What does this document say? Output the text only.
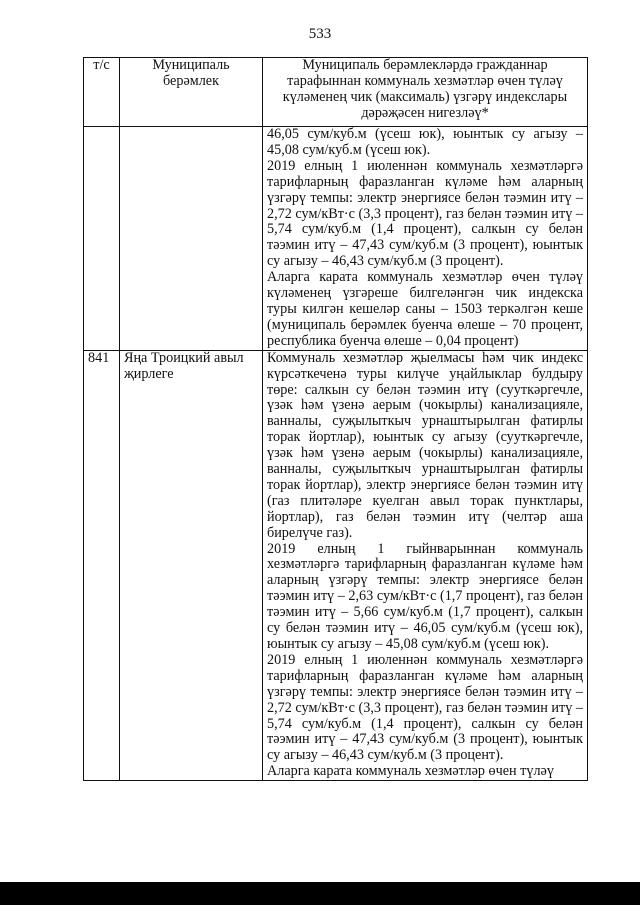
533
т/с	Муниципаль берәмлек	Муниципаль берәмлекләрдә гражданнар тарафыннан коммуналь хезмәтләр өчен түләү күләменең чик (максималь) үзгәрү индекслары дәрәҗәсен нигезләү*

		46,05 сум/куб.м (үсеш юк), юынтык су агызу – 45,08 сум/куб.м (үсеш юк).

2019 елның 1 июленнән коммуналь хезмәтләргә тарифларның фаразланган күләме һәм аларның үзгәрү темпы: электр энергиясе белән тәэмин итү – 2,72 сум/кВт·с (3,3 процент), газ белән тәэмин итү – 5,74 сум/куб.м (1,4 процент), салкын су белән тәэмин итү – 47,43 сум/куб.м (3 процент), юынтык су агызу – 46,43 сум/куб.м (3 процент).

Аларга карата коммуналь хезмәтләр өчен түләү күләменең үзгәреше билгеләнгән чик индекска туры килгән кешеләр саны – 1503 теркәлгән кеше (муниципаль берәмлек буенча өлеше – 70 процент, республика буенча өлеше – 0,04 процент)

841	Яңа Троицкий авыл җирлеге	Коммуналь хезмәтләр җыелмасы һәм чик индекс күрсәткеченә туры килүче уңайлыклар булдыру төре: салкын су белән тәэмин итү (сууткәргечле, үзәк һәм үзенә аерым (чокырлы) канализацияле, ванналы, суҗылыткыч урнаштырылган фатирлы торак йортлар), юынтык су агызу (сууткәргечле, үзәк һәм үзенә аерым (чокырлы) канализацияле, ванналы, суҗылыткыч урнаштырылган фатирлы торак йортлар), электр энергиясе белән тәэмин итү (газ плитәләре куелган авыл торак пунктлары, йортлар), газ белән тәэмин итү (челтәр аша бирелүче газ).

2019 елның 1 гыйнварыннан коммуналь хезмәтләргә тарифларның фаразланган күләме һәм аларның үзгәрү темпы: электр энергиясе белән тәэмин итү – 2,63 сум/кВт·с (1,7 процент), газ белән тәэмин итү – 5,66 сум/куб.м (1,7 процент), салкын су белән тәэмин итү – 46,05 сум/куб.м (үсеш юк), юынтык су агызу – 45,08 сум/куб.м (үсеш юк).

2019 елның 1 июленнән коммуналь хезмәтләргә тарифларның фаразланган күләме һәм аларның үзгәрү темпы: электр энергиясе белән тәэмин итү – 2,72 сум/кВт·с (3,3 процент), газ белән тәэмин итү – 5,74 сум/куб.м (1,4 процент), салкын су белән тәэмин итү – 47,43 сум/куб.м (3 процент), юынтык су агызу – 46,43 сум/куб.м (3 процент).

Аларга карата коммуналь хезмәтләр өчен түләү
